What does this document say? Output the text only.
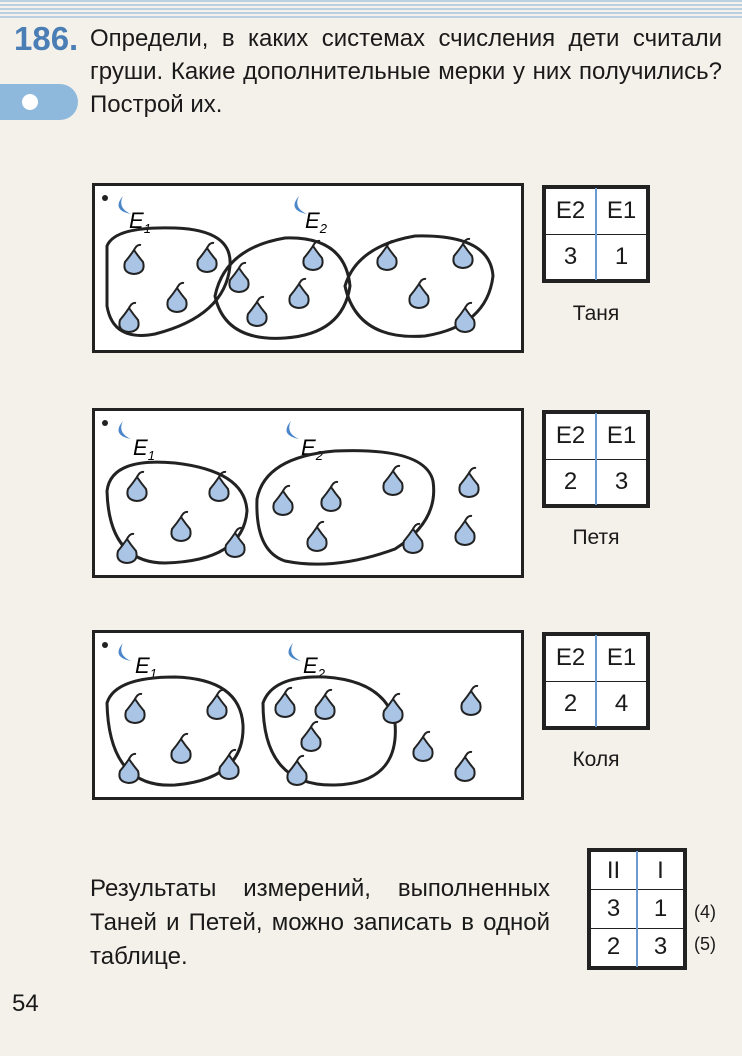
186. Определи, в каких системах счисления дети считали груши. Какие дополнительные мерки у них получились? Построй их.
$E_1$	$E_2$
E2	E1
3	1
Таня
$E_1$	$E_2$
E2	E1
2	3
Петя
$E_1$	$E_2$
E2	E1
2	4
Коля
Результаты измерений, выполненных Таней и Петей, можно записать в одной таблице.
II	I
3	1
2	3
(4)
(5)
54
